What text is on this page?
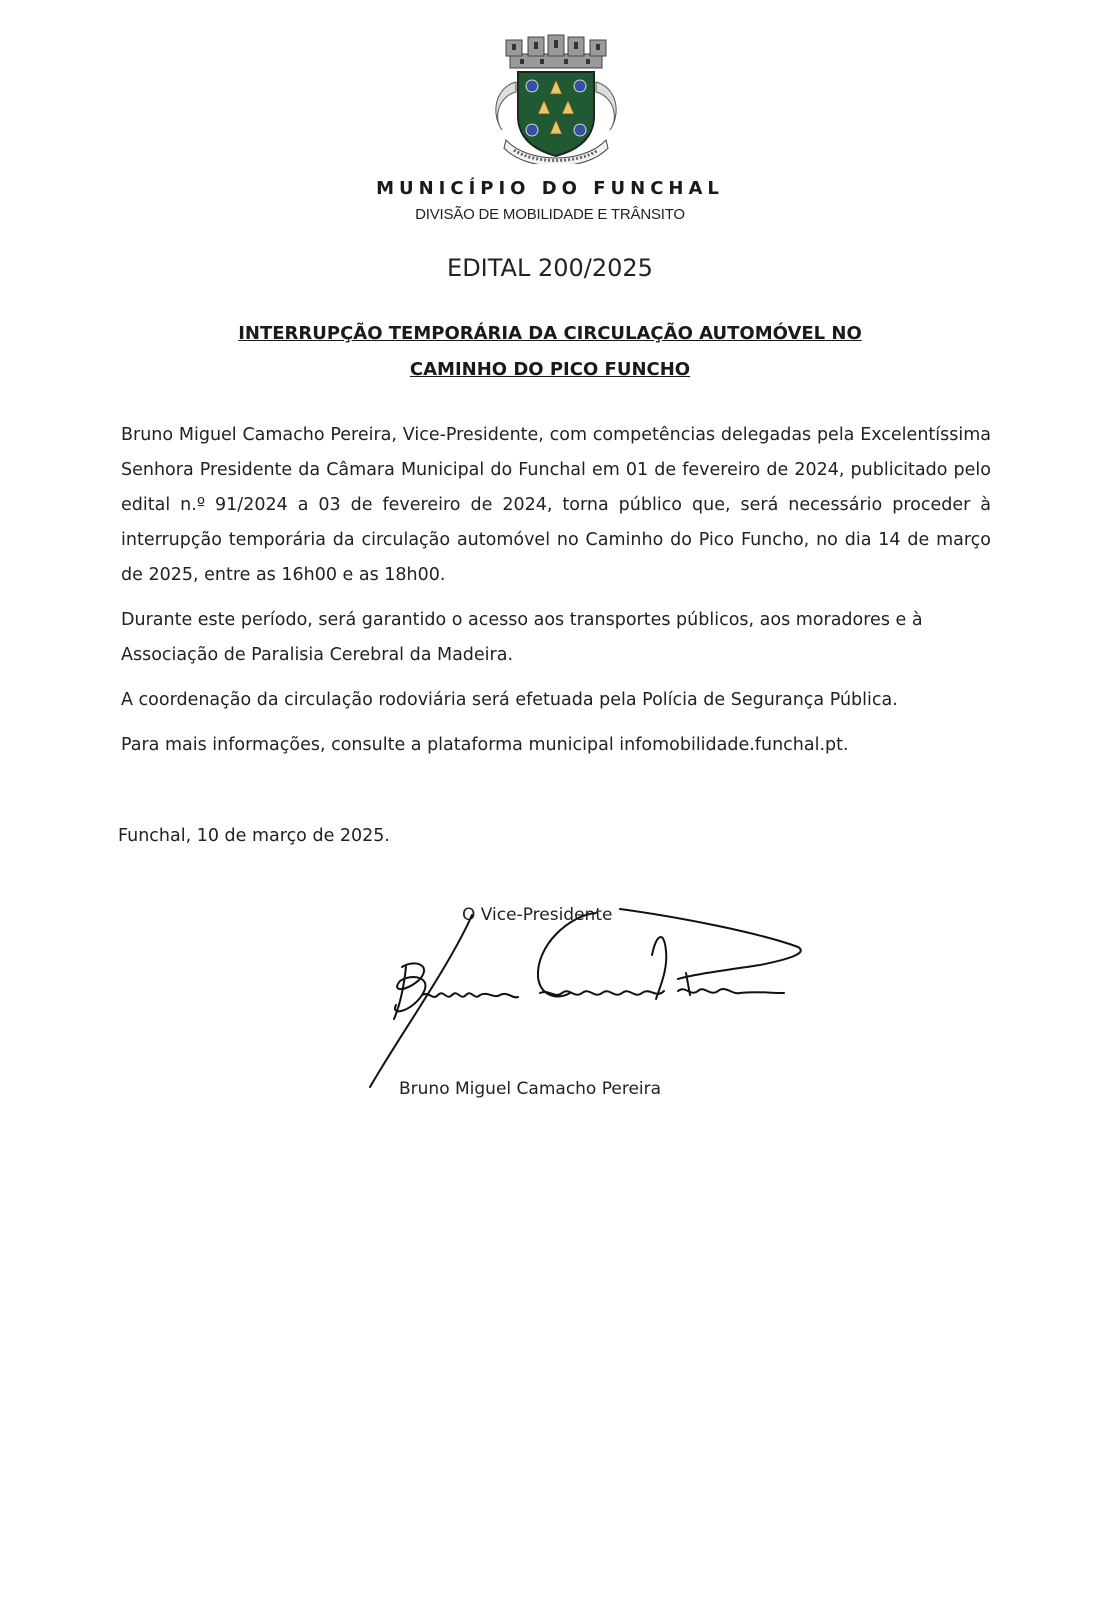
MUNICÍPIO DO FUNCHAL
DIVISÃO DE MOBILIDADE E TRÂNSITO
EDITAL 200/2025
INTERRUPÇÃO TEMPORÁRIA DA CIRCULAÇÃO AUTOMÓVEL NO
CAMINHO DO PICO FUNCHO

Bruno Miguel Camacho Pereira, Vice-Presidente, com competências delegadas pela Excelentíssima Senhora Presidente da Câmara Municipal do Funchal em 01 de fevereiro de 2024, publicitado pelo edital n.º 91/2024 a 03 de fevereiro de 2024, torna público que, será necessário proceder à interrupção temporária da circulação automóvel no Caminho do Pico Funcho, no dia 14 de março de 2025, entre as 16h00 e as 18h00.

Durante este período, será garantido o acesso aos transportes públicos, aos moradores e à Associação de Paralisia Cerebral da Madeira.

A coordenação da circulação rodoviária será efetuada pela Polícia de Segurança Pública.

Para mais informações, consulte a plataforma municipal infomobilidade.funchal.pt.

Funchal, 10 de março de 2025.

O Vice-Presidente
Bruno Miguel Camacho Pereira
